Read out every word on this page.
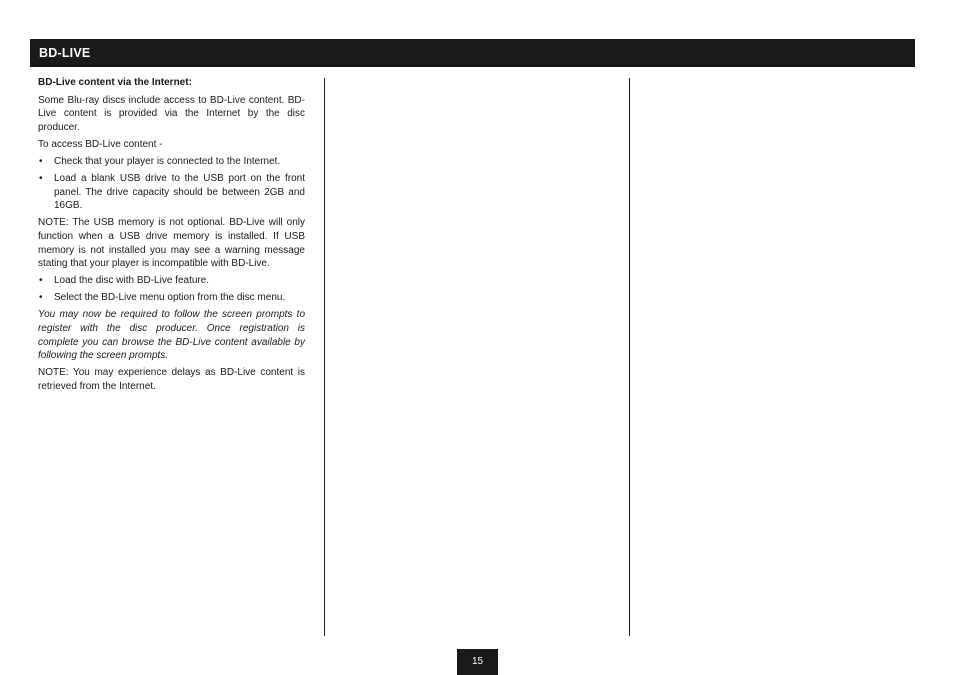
BD-LIVE

BD-Live content via the Internet:

Some Blu-ray discs include access to BD-Live content. BD-Live content is provided via the Internet by the disc producer.

To access BD-Live content -

• Check that your player is connected to the Internet.
• Load a blank USB drive to the USB port on the front panel. The drive capacity should be between 2GB and 16GB.

NOTE: The USB memory is not optional. BD-Live will only function when a USB drive memory is installed. If USB memory is not installed you may see a warning message stating that your player is incompatible with BD-Live.

• Load the disc with BD-Live feature.
• Select the BD-Live menu option from the disc menu.

You may now be required to follow the screen prompts to register with the disc producer. Once registration is complete you can browse the BD-Live content available by following the screen prompts.

NOTE: You may experience delays as BD-Live content is retrieved from the Internet.

15
